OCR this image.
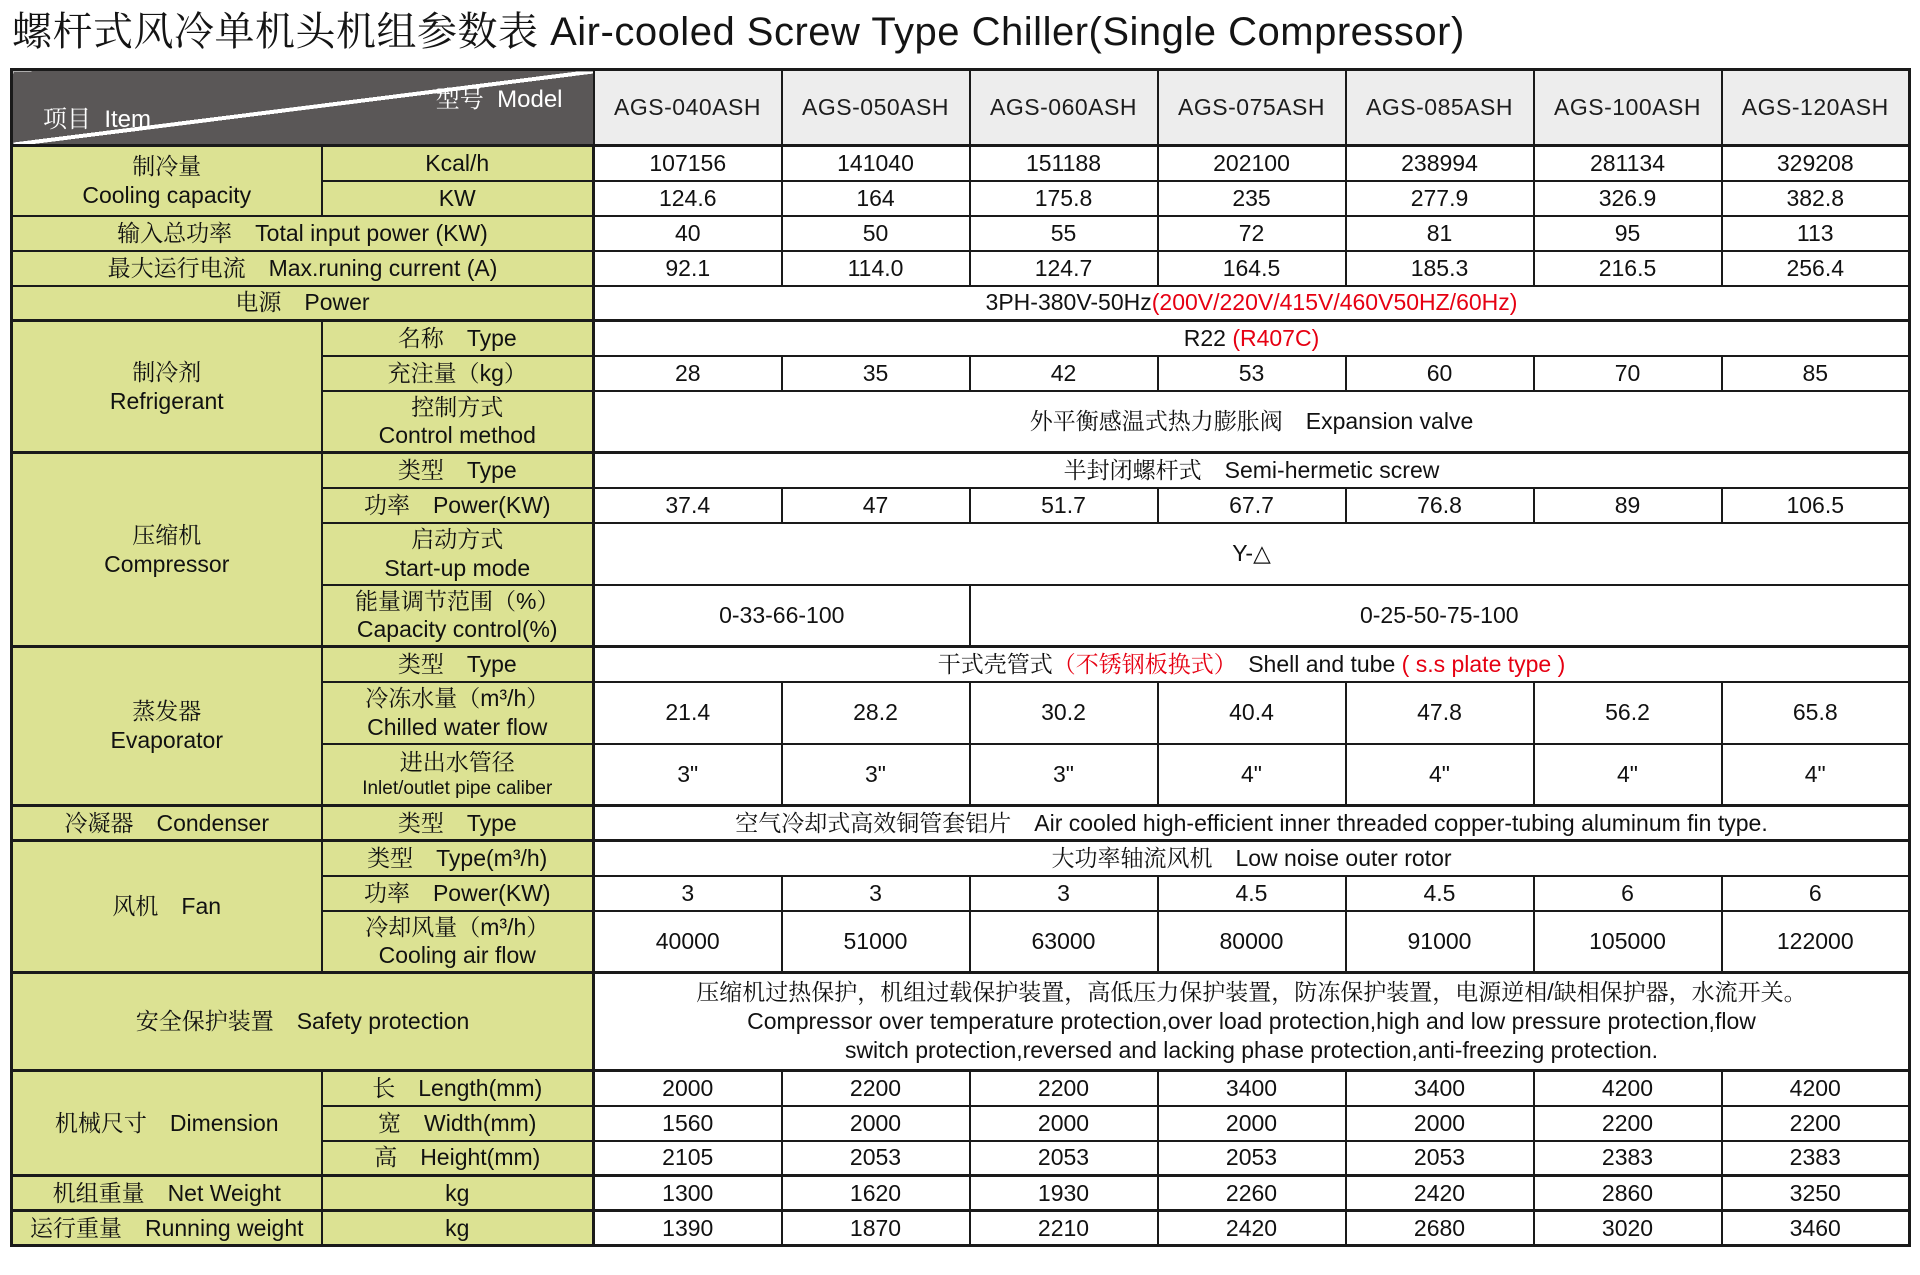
螺杆式风冷单机头机组参数表 Air-cooled Screw Type Chiller(Single Compressor)
型号  Model
项目  Item		AGS-040ASH	AGS-050ASH	AGS-060ASH	AGS-075ASH	AGS-085ASH	AGS-100ASH	AGS-120ASH

制冷量
Cooling capacity	Kcal/h	107156	141040	151188	202100	238994	281134	329208
	KW	124.6	164	175.8	235	277.9	326.9	382.8
输入总功率　Total input power (KW)		40	50	55	72	81	95	113
最大运行电流　Max.runing current (A)		92.1	114.0	124.7	164.5	185.3	216.5	256.4
电源　Power		3PH-380V-50Hz(200V/220V/415V/460V50HZ/60Hz)						

制冷剂
Refrigerant	名称　Type	R22 (R407C)						
	充注量（kg）	28	35	42	53	60	70	85

	控制方式
Control method	外平衡感温式热力膨胀阀　Expansion valve						

压缩机
Compressor	类型　Type	半封闭螺杆式　Semi-hermetic screw						
	功率　Power(KW)	37.4	47	51.7	67.7	76.8	89	106.5

	启动方式
Start-up mode	Y-△						

	能量调节范围（%）
Capacity control(%)	0-33-66-100		0-25-50-75-100				

蒸发器
Evaporator	类型　Type	干式壳管式（不锈钢板换式）　Shell and tube ( s.s plate type )						

	冷冻水量（m³/h）
Chilled water flow	21.4	28.2	30.2	40.4	47.8	56.2	65.8

	进出水管径
Inlet/outlet pipe caliber	3"	3"	3"	4"	4"	4"	4"
冷凝器　Condenser	类型　Type	空气冷却式高效铜管套铝片　Air cooled high-efficient inner threaded copper-tubing aluminum fin type.						
风机　Fan	类型　Type(m³/h)	大功率轴流风机　Low noise outer rotor						
	功率　Power(KW)	3	3	3	4.5	4.5	6	6

	冷却风量（m³/h）
Cooling air flow	40000	51000	63000	80000	91000	105000	122000
安全保护装置　Safety protection		压缩机过热保护，机组过载保护装置，高低压力保护装置，防冻保护装置，电源逆相/缺相保护器，水流开关。
Compressor over temperature protection,over load protection,high and low pressure protection,flow
switch protection,reversed and lacking phase protection,anti-freezing protection.						

机械尺寸　Dimension	长　Length(mm)	2000	2200	2200	3400	3400	4200	4200
	宽　Width(mm)	1560	2000	2000	2000	2000	2200	2200
	高　Height(mm)	2105	2053	2053	2053	2053	2383	2383
机组重量　Net Weight	kg	1300	1620	1930	2260	2420	2860	3250
运行重量　Running weight	kg	1390	1870	2210	2420	2680	3020	3460
